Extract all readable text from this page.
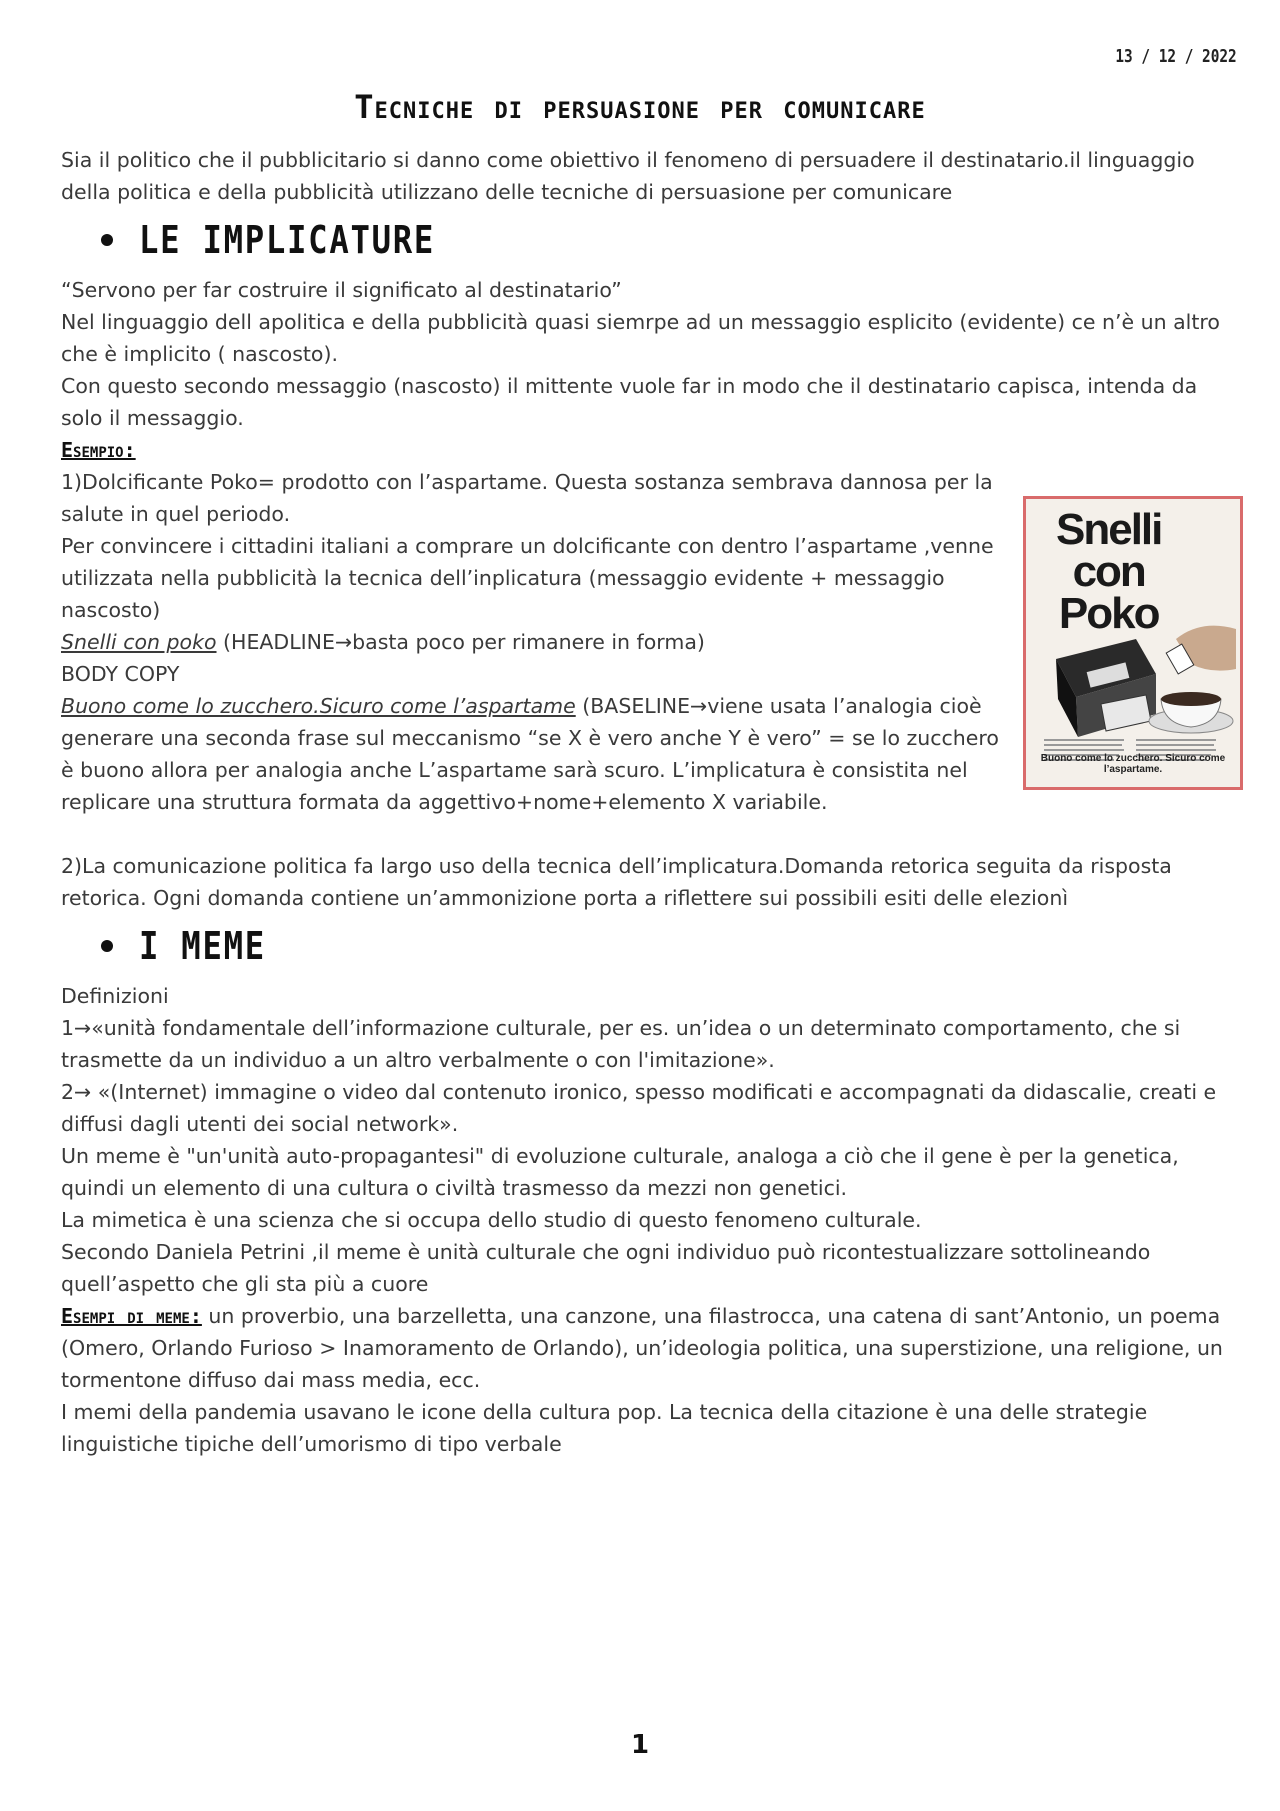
13 / 12 / 2022
Tecniche di persuasione per comunicare

Sia il politico che il pubblicitario si danno come obiettivo il fenomeno di persuadere il destinatario.il linguaggio della politica e della pubblicità utilizzano delle tecniche di persuasione per comunicare

LE IMPLICATURE

“Servono per far costruire il significato al destinatario”

Nel linguaggio dell apolitica e della pubblicità quasi siemrpe ad un messaggio esplicito (evidente) ce n’è un altro che è implicito ( nascosto).

Con questo secondo messaggio (nascosto) il mittente vuole far in modo che il destinatario capisca, intenda da solo il messaggio.

Esempio:

1)Dolcificante Poko= prodotto con l’aspartame. Questa sostanza sembrava dannosa per la salute in quel periodo.

Per convincere i cittadini italiani a comprare un dolcificante con dentro l’aspartame ,venne utilizzata nella pubblicità la tecnica dell’inplicatura (messaggio evidente + messaggio nascosto)

Snelli con poko (HEADLINE→basta poco per rimanere in forma)

BODY COPY

Buono come lo zucchero.Sicuro come l’aspartame (BASELINE→viene usata l’analogia cioè generare una seconda frase sul meccanismo “se X è vero anche Y è vero” = se lo zucchero è buono allora per analogia anche L’aspartame sarà scuro. L’implicatura è consistita nel replicare una struttura formata da aggettivo+nome+elemento X variabile.

2)La comunicazione politica fa largo uso della tecnica dell’implicatura.Domanda retorica seguita da risposta retorica. Ogni domanda contiene un’ammonizione porta a riflettere sui possibili esiti delle elezionì

I MEME

Definizioni

1→«unità fondamentale dell’informazione culturale, per es. un’idea o un determinato comportamento, che si trasmette da un individuo a un altro verbalmente o con l'imitazione».

2→ «(Internet) immagine o video dal contenuto ironico, spesso modificati e accompagnati da didascalie, creati e diffusi dagli utenti dei social network».

Un meme è "un'unità auto-propagantesi" di evoluzione culturale, analoga a ciò che il gene è per la genetica, quindi un elemento di una cultura o civiltà trasmesso da mezzi non genetici.

La mimetica è una scienza che si occupa dello studio di questo fenomeno culturale.

Secondo Daniela Petrini ,il meme è unità culturale che ogni individuo può ricontestualizzare sottolineando quell’aspetto che gli sta più a cuore

Esempi di meme: un proverbio, una barzelletta, una canzone, una filastrocca, una catena di sant’Antonio, un poema (Omero, Orlando Furioso > Inamoramento de Orlando), un’ideologia politica, una superstizione, una religione, un tormentone diffuso dai mass media, ecc.

I memi della pandemia usavano le icone della cultura pop. La tecnica della citazione è una delle strategie linguistiche tipiche dell’umorismo di tipo verbale

Snelli
con
Poko
Buono come lo zucchero. Sicuro come l’aspartame.
1
